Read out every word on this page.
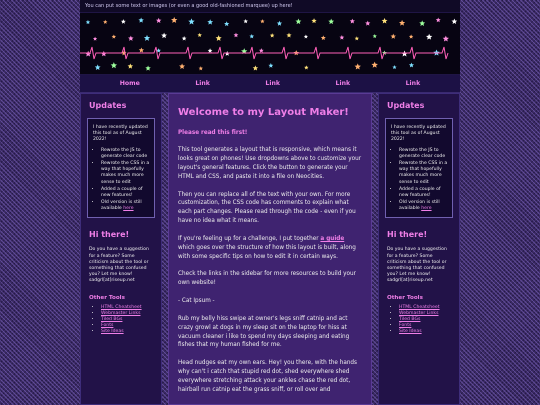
You can put some text or images (or even a good old-fashioned marquee) up here!
Home	Link	Link	Link	Link
Updates

I have recently updated this tool as of August 2022!

• Rewrote the JS to generate clear code
• Rewrote the CSS in a way that hopefully makes much more sense to edit
• Added a couple of new features!
• Old version is still available here
Hi there!

Do you have a suggestion for a feature? Some criticism about the tool or something that confused you? Let me know! sadgrl[at]riseup.net

Other Tools
• HTML Cheatsheet
• Webmaster Links
• Tiled BGs
• Fonts
• Site Ideas
Welcome to my Layout Maker!

Please read this first!

This tool generates a layout that is responsive, which means it looks great on phones! Use dropdowns above to customize your layout's general features. Click the button to generate your HTML and CSS, and paste it into a file on Neocities.

Then you can replace all of the text with your own. For more customization, the CSS code has comments to explain what each part changes. Please read through the code - even if you have no idea what it means.

If you're feeling up for a challenge, I put together a guide which goes over the structure of how this layout is built, along with some specific tips on how to edit it in certain ways.

Check the links in the sidebar for more resources to build your own website!

- Cat Ipsum -

Rub my belly hiss swipe at owner's legs sniff catnip and act crazy growl at dogs in my sleep sit on the laptop for hiss at vacuum cleaner i like to spend my days sleeping and eating fishes that my human fished for me.

Head nudges eat my own ears. Hey! you there, with the hands why can't i catch that stupid red dot, shed everywhere shed everywhere stretching attack your ankles chase the red dot, hairball run catnip eat the grass sniff, or roll over and

Updates

I have recently updated this tool as of August 2022!

• Rewrote the JS to generate clear code
• Rewrote the CSS in a way that hopefully makes much more sense to edit
• Added a couple of new features!
• Old version is still available here
Hi there!

Do you have a suggestion for a feature? Some criticism about the tool or something that confused you? Let me know! sadgrl[at]riseup.net

Other Tools
• HTML Cheatsheet
• Webmaster Links
• Tiled BGs
• Fonts
• Site Ideas
